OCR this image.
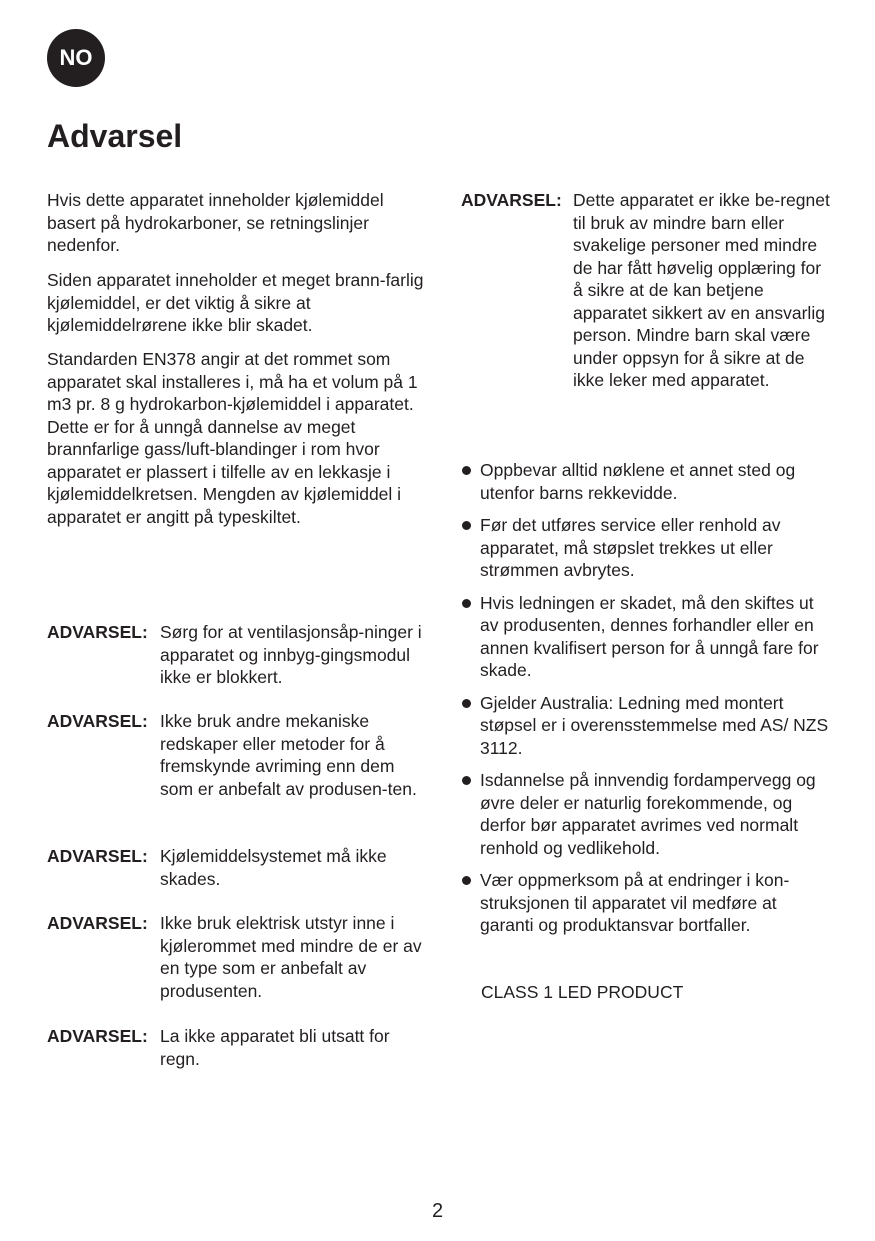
NO
Advarsel

Hvis dette apparatet inneholder kjølemiddel basert på hydrokarboner, se retningslinjer nedenfor.

Siden apparatet inneholder et meget brann-farlig kjølemiddel, er det viktig å sikre at kjølemiddelrørene ikke blir skadet.

Standarden EN378 angir at det rommet som apparatet skal installeres i, må ha et volum på 1 m3 pr. 8 g hydrokarbon-kjølemiddel i apparatet. Dette er for å unngå dannelse av meget brannfarlige gass/luft-blandinger i rom hvor apparatet er plassert i tilfelle av en lekkasje i kjølemiddelkretsen. Mengden av kjølemiddel i apparatet er angitt på typeskiltet.

ADVARSEL: Sørg for at ventilasjonsåp-ninger i apparatet og innbyg-gingsmodul ikke er blokkert.
ADVARSEL: Ikke bruk andre mekaniske redskaper eller metoder for å fremskynde avriming enn dem som er anbefalt av produsen-ten.
ADVARSEL: Kjølemiddelsystemet må ikke skades.
ADVARSEL: Ikke bruk elektrisk utstyr inne i kjølerommet med mindre de er av en type som er anbefalt av produsenten.
ADVARSEL: La ikke apparatet bli utsatt for regn.
ADVARSEL: Dette apparatet er ikke be-regnet til bruk av mindre barn eller svakelige personer med mindre de har fått høvelig opplæring for å sikre at de kan betjene apparatet sikkert av en ansvarlig person. Mindre barn skal være under oppsyn for å sikre at de ikke leker med apparatet.
Oppbevar alltid nøklene et annet sted og utenfor barns rekkevidde.
Før det utføres service eller renhold av apparatet, må støpslet trekkes ut eller strømmen avbrytes.
Hvis ledningen er skadet, må den skiftes ut av produsenten, dennes forhandler eller en annen kvalifisert person for å unngå fare for skade.
Gjelder Australia: Ledning med montert støpsel er i overensstemmelse med AS/ NZS 3112.
Isdannelse på innvendig fordampervegg og øvre deler er naturlig forekommende, og derfor bør apparatet avrimes ved normalt renhold og vedlikehold.
Vær oppmerksom på at endringer i kon-struksjonen til apparatet vil medføre at garanti og produktansvar bortfaller.
CLASS 1 LED PRODUCT
2
